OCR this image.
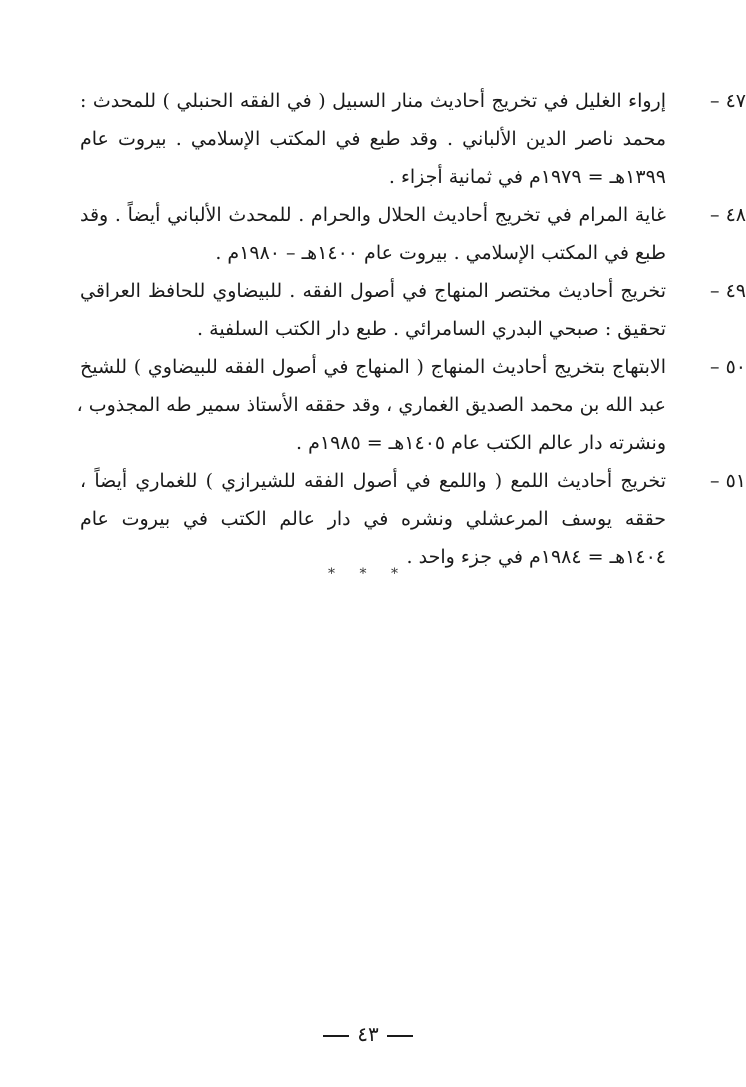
٤٧ –
إرواء الغليل في تخريج أحاديث منار السبيل ( في الفقه الحنبلي ) للمحدث :
محمد ناصر الدين الألباني . وقد طبع في المكتب الإسلامي . بيروت عام
١٣٩٩هـ = ١٩٧٩م في ثمانية أجزاء .
٤٨ –
غاية المرام في تخريج أحاديث الحلال والحرام . للمحدث الألباني أيضاً . وقد
طبع في المكتب الإسلامي . بيروت عام ١٤٠٠هـ – ١٩٨٠م .
٤٩ –
تخريج أحاديث مختصر المنهاج في أصول الفقه . للبيضاوي للحافظ العراقي
تحقيق : صبحي البدري السامرائي . طبع دار الكتب السلفية .
٥٠ –
الابتهاج بتخريج أحاديث المنهاج ( المنهاج في أصول الفقه للبيضاوي ) للشيخ
عبد الله بن محمد الصديق الغماري ، وقد حققه الأستاذ سمير طه المجذوب ،
ونشرته دار عالم الكتب عام ١٤٠٥هـ = ١٩٨٥م .
٥١ –
تخريج أحاديث اللمع ( واللمع في أصول الفقه للشيرازي ) للغماري أيضاً ،
حققه يوسف المرعشلي ونشره في دار عالم الكتب في بيروت عام
١٤٠٤هـ = ١٩٨٤م في جزء واحد .
* * *
٤٣
